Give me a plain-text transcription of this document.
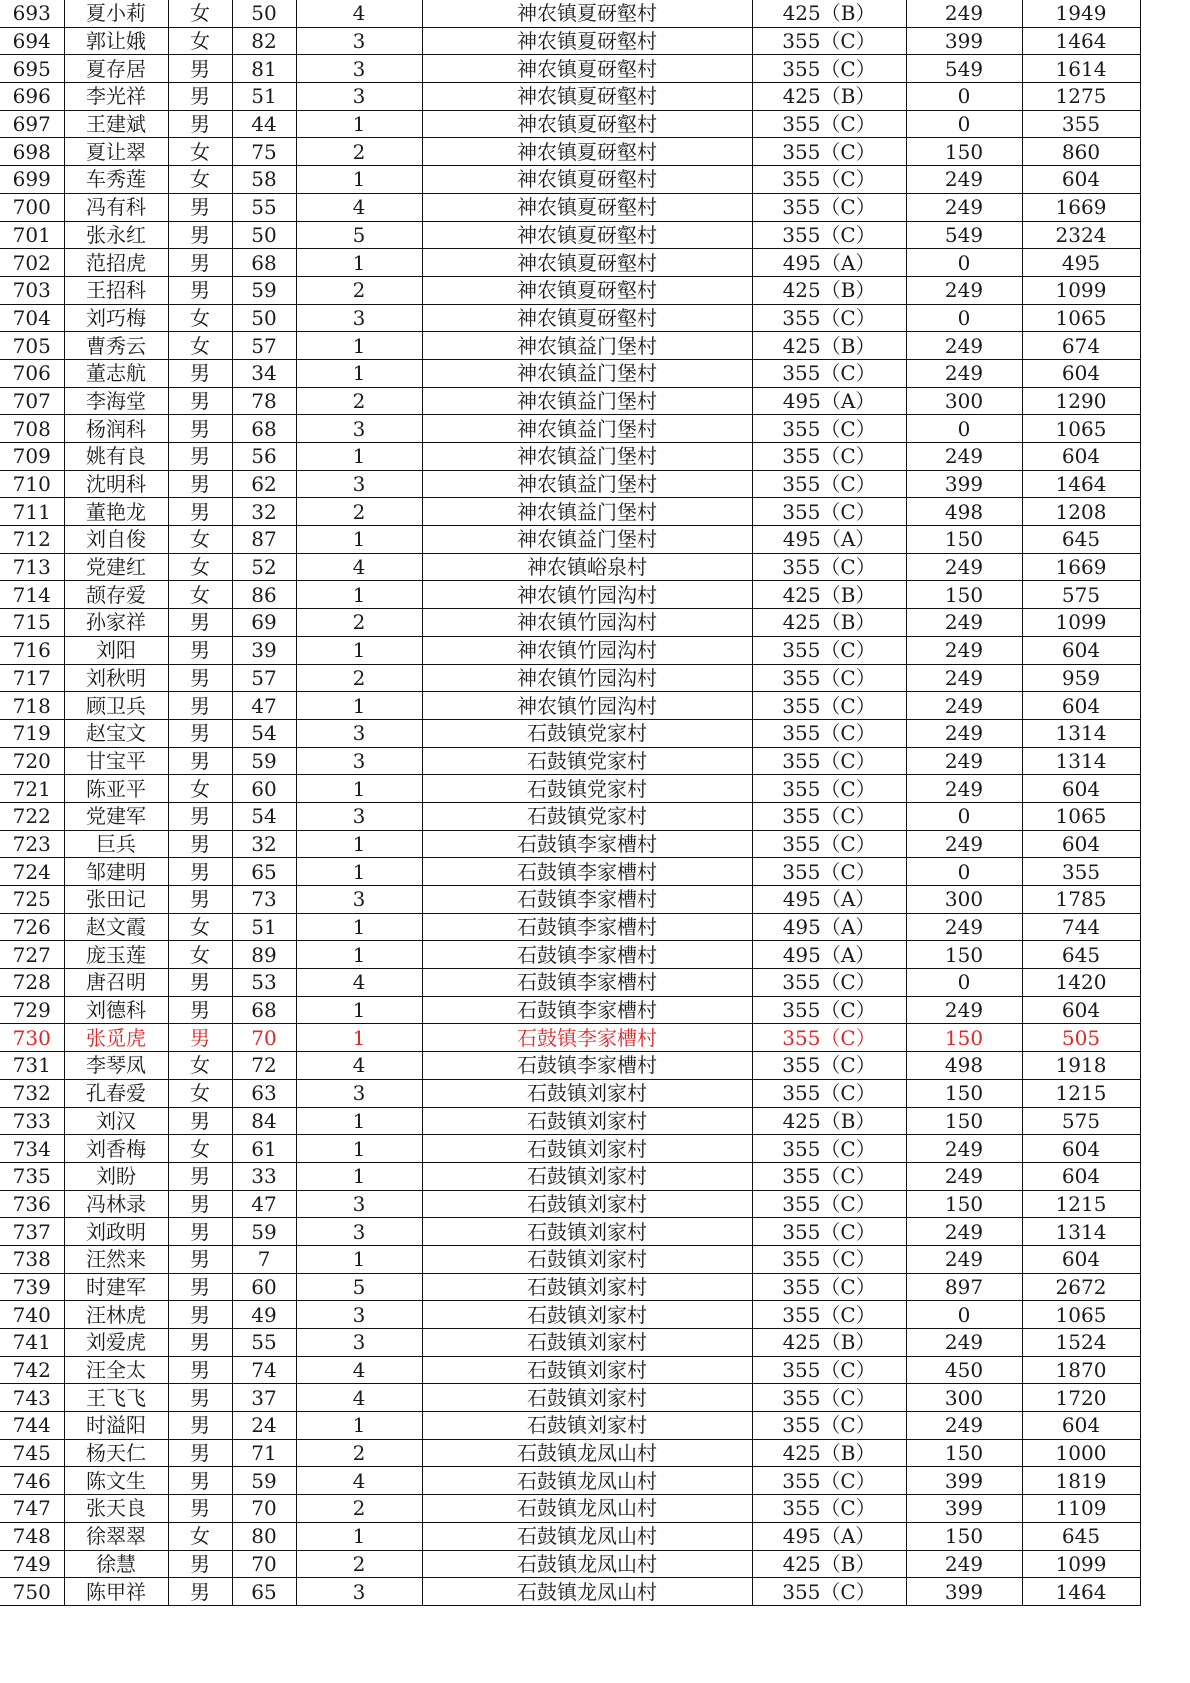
693	夏小莉	女	50	4	神农镇夏砑壑村	425（B）	249	1949
694	郭让娥	女	82	3	神农镇夏砑壑村	355（C）	399	1464
695	夏存居	男	81	3	神农镇夏砑壑村	355（C）	549	1614
696	李光祥	男	51	3	神农镇夏砑壑村	425（B）	0	1275
697	王建斌	男	44	1	神农镇夏砑壑村	355（C）	0	355
698	夏让翠	女	75	2	神农镇夏砑壑村	355（C）	150	860
699	车秀莲	女	58	1	神农镇夏砑壑村	355（C）	249	604
700	冯有科	男	55	4	神农镇夏砑壑村	355（C）	249	1669
701	张永红	男	50	5	神农镇夏砑壑村	355（C）	549	2324
702	范招虎	男	68	1	神农镇夏砑壑村	495（A）	0	495
703	王招科	男	59	2	神农镇夏砑壑村	425（B）	249	1099
704	刘巧梅	女	50	3	神农镇夏砑壑村	355（C）	0	1065
705	曹秀云	女	57	1	神农镇益门堡村	425（B）	249	674
706	董志航	男	34	1	神农镇益门堡村	355（C）	249	604
707	李海堂	男	78	2	神农镇益门堡村	495（A）	300	1290
708	杨润科	男	68	3	神农镇益门堡村	355（C）	0	1065
709	姚有良	男	56	1	神农镇益门堡村	355（C）	249	604
710	沈明科	男	62	3	神农镇益门堡村	355（C）	399	1464
711	董艳龙	男	32	2	神农镇益门堡村	355（C）	498	1208
712	刘自俊	女	87	1	神农镇益门堡村	495（A）	150	645
713	党建红	女	52	4	神农镇峪泉村	355（C）	249	1669
714	颉存爱	女	86	1	神农镇竹园沟村	425（B）	150	575
715	孙家祥	男	69	2	神农镇竹园沟村	425（B）	249	1099
716	刘阳	男	39	1	神农镇竹园沟村	355（C）	249	604
717	刘秋明	男	57	2	神农镇竹园沟村	355（C）	249	959
718	顾卫兵	男	47	1	神农镇竹园沟村	355（C）	249	604
719	赵宝文	男	54	3	石鼓镇党家村	355（C）	249	1314
720	甘宝平	男	59	3	石鼓镇党家村	355（C）	249	1314
721	陈亚平	女	60	1	石鼓镇党家村	355（C）	249	604
722	党建军	男	54	3	石鼓镇党家村	355（C）	0	1065
723	巨兵	男	32	1	石鼓镇李家槽村	355（C）	249	604
724	邹建明	男	65	1	石鼓镇李家槽村	355（C）	0	355
725	张田记	男	73	3	石鼓镇李家槽村	495（A）	300	1785
726	赵文霞	女	51	1	石鼓镇李家槽村	495（A）	249	744
727	庞玉莲	女	89	1	石鼓镇李家槽村	495（A）	150	645
728	唐召明	男	53	4	石鼓镇李家槽村	355（C）	0	1420
729	刘德科	男	68	1	石鼓镇李家槽村	355（C）	249	604
730	张觅虎	男	70	1	石鼓镇李家槽村	355（C）	150	505
731	李琴凤	女	72	4	石鼓镇李家槽村	355（C）	498	1918
732	孔春爱	女	63	3	石鼓镇刘家村	355（C）	150	1215
733	刘汉	男	84	1	石鼓镇刘家村	425（B）	150	575
734	刘香梅	女	61	1	石鼓镇刘家村	355（C）	249	604
735	刘盼	男	33	1	石鼓镇刘家村	355（C）	249	604
736	冯林录	男	47	3	石鼓镇刘家村	355（C）	150	1215
737	刘政明	男	59	3	石鼓镇刘家村	355（C）	249	1314
738	汪然来	男	7	1	石鼓镇刘家村	355（C）	249	604
739	时建军	男	60	5	石鼓镇刘家村	355（C）	897	2672
740	汪林虎	男	49	3	石鼓镇刘家村	355（C）	0	1065
741	刘爱虎	男	55	3	石鼓镇刘家村	425（B）	249	1524
742	汪全太	男	74	4	石鼓镇刘家村	355（C）	450	1870
743	王飞飞	男	37	4	石鼓镇刘家村	355（C）	300	1720
744	时溢阳	男	24	1	石鼓镇刘家村	355（C）	249	604
745	杨天仁	男	71	2	石鼓镇龙凤山村	425（B）	150	1000
746	陈文生	男	59	4	石鼓镇龙凤山村	355（C）	399	1819
747	张天良	男	70	2	石鼓镇龙凤山村	355（C）	399	1109
748	徐翠翠	女	80	1	石鼓镇龙凤山村	495（A）	150	645
749	徐慧	男	70	2	石鼓镇龙凤山村	425（B）	249	1099
750	陈甲祥	男	65	3	石鼓镇龙凤山村	355（C）	399	1464
